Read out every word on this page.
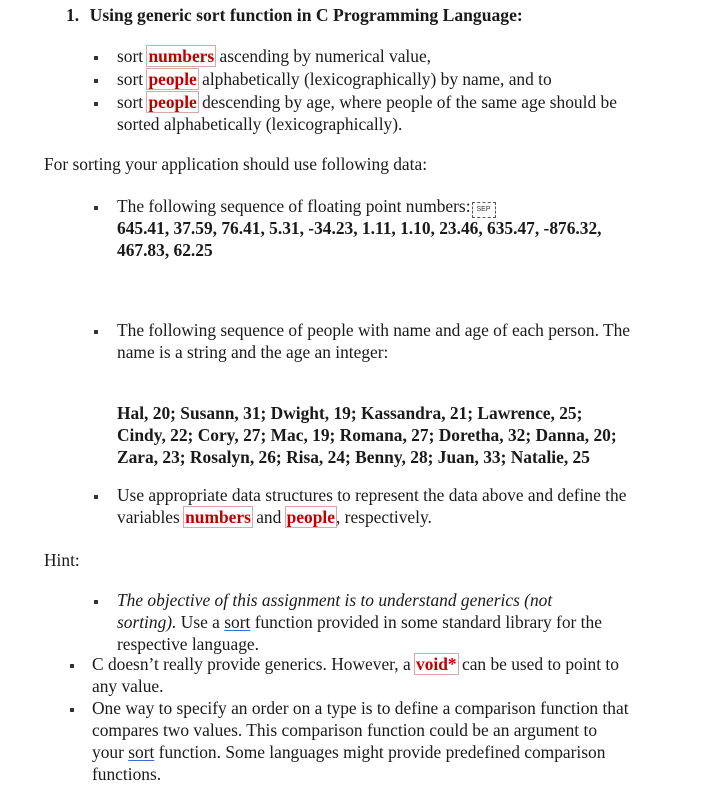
1. Using generic sort function in C Programming Language:
sort numbers ascending by numerical value,
sort people alphabetically (lexicographically) by name, and to
sort people descending by age, where people of the same age should be
sorted alphabetically (lexicographically).
For sorting your application should use following data:
The following sequence of floating point numbers: SEP
645.41, 37.59, 76.41, 5.31, -34.23, 1.11, 1.10, 23.46, 635.47, -876.32,
467.83, 62.25
The following sequence of people with name and age of each person. The
name is a string and the age an integer:
Hal, 20; Susann, 31; Dwight, 19; Kassandra, 21; Lawrence, 25;
Cindy, 22; Cory, 27; Mac, 19; Romana, 27; Doretha, 32; Danna, 20;
Zara, 23; Rosalyn, 26; Risa, 24; Benny, 28; Juan, 33; Natalie, 25
Use appropriate data structures to represent the data above and define the
variables numbers and people, respectively.
Hint:
The objective of this assignment is to understand generics (not
sorting). Use a sort function provided in some standard library for the
respective language.
C doesn’t really provide generics. However, a void* can be used to point to
any value.
One way to specify an order on a type is to define a comparison function that
compares two values. This comparison function could be an argument to
your sort function. Some languages might provide predefined comparison
functions.
